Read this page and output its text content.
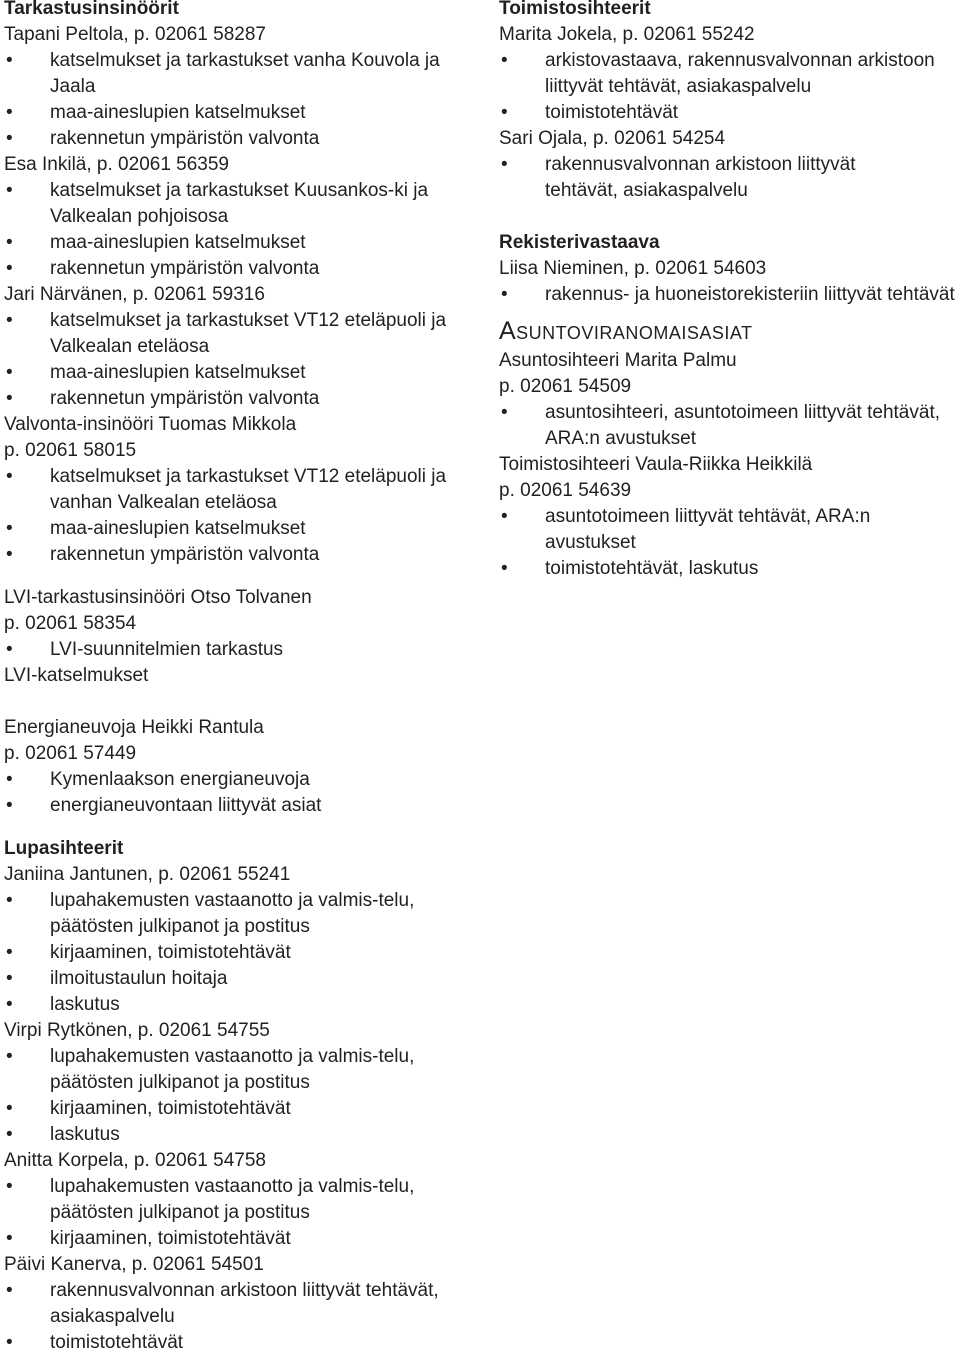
Tarkastusinsinöörit

Tapani Peltola, p. 02061 58287

• katselmukset ja tarkastukset vanha Kouvola ja Jaala
• maa-aineslupien katselmukset
• rakennetun ympäristön valvonta

Esa Inkilä, p. 02061 56359

• katselmukset ja tarkastukset Kuusankos-ki ja Valkealan pohjoisosa
• maa-aineslupien katselmukset
• rakennetun ympäristön valvonta

Jari Närvänen, p. 02061 59316

• katselmukset ja tarkastukset VT12 eteläpuoli ja Valkealan eteläosa
• maa-aineslupien katselmukset
• rakennetun ympäristön valvonta

Valvonta-insinööri Tuomas Mikkola

p. 02061 58015

• katselmukset ja tarkastukset VT12 eteläpuoli ja vanhan Valkealan eteläosa
• maa-aineslupien katselmukset
• rakennetun ympäristön valvonta

LVI-tarkastusinsinööri Otso Tolvanen

p. 02061 58354

• LVI-suunnitelmien tarkastus

LVI-katselmukset

Energianeuvoja Heikki Rantula

p. 02061 57449

• Kymenlaakson energianeuvoja
• energianeuvontaan liittyvät asiat

Lupasihteerit

Janiina Jantunen, p. 02061 55241

• lupahakemusten vastaanotto ja valmis-telu, päätösten julkipanot ja postitus
• kirjaaminen, toimistotehtävät
• ilmoitustaulun hoitaja
• laskutus

Virpi Rytkönen, p. 02061 54755

• lupahakemusten vastaanotto ja valmis-telu, päätösten julkipanot ja postitus
• kirjaaminen, toimistotehtävät
• laskutus

Anitta Korpela, p. 02061 54758

• lupahakemusten vastaanotto ja valmis-telu, päätösten julkipanot ja postitus
• kirjaaminen, toimistotehtävät

Päivi Kanerva, p. 02061 54501

• rakennusvalvonnan arkistoon liittyvät tehtävät, asiakaspalvelu
• toimistotehtävät

Toimistosihteerit

Marita Jokela, p. 02061 55242

• arkistovastaava, rakennusvalvonnan arkistoon liittyvät tehtävät, asiakaspalvelu
• toimistotehtävät

Sari Ojala, p. 02061 54254

• rakennusvalvonnan arkistoon liittyvät tehtävät, asiakaspalvelu

Rekisterivastaava

Liisa Nieminen, p. 02061 54603

• rakennus- ja huoneistorekisteriin liittyvät tehtävät

Asuntoviranomaisasiat

Asuntosihteeri Marita Palmu

p. 02061 54509

• asuntosihteeri, asuntotoimeen liittyvät tehtävät, ARA:n avustukset

Toimistosihteeri Vaula-Riikka Heikkilä

p. 02061 54639

• asuntotoimeen liittyvät tehtävät, ARA:n avustukset
• toimistotehtävät, laskutus
